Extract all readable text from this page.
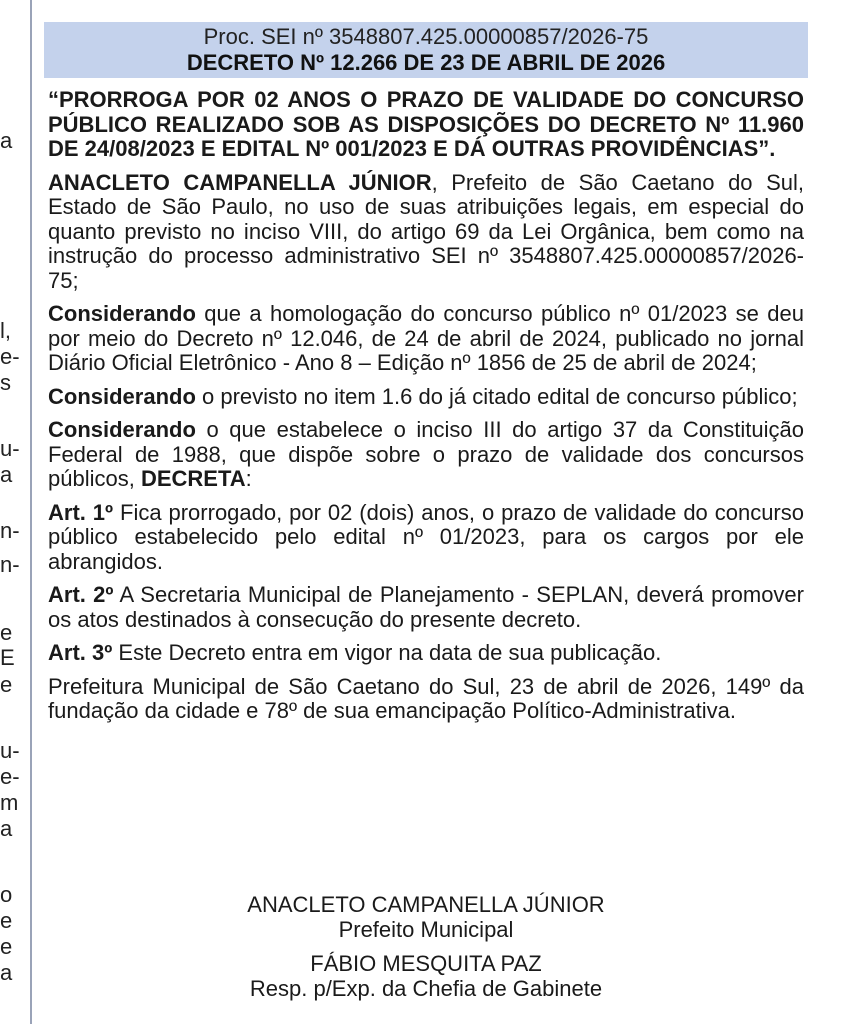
a
l,
e-
s
u-
a
n-
n-
e
E
e
u-
e-
m
a
o
e
e
a
Proc. SEI nº 3548807.425.00000857/2026-75
DECRETO Nº 12.266 DE 23 DE ABRIL DE 2026

“PRORROGA POR 02 ANOS O PRAZO DE VALIDADE DO CONCURSO PÚBLICO REALIZADO SOB AS DISPOSIÇÕES DO DECRETO Nº 11.960 DE 24/08/2023 E EDITAL Nº 001/2023 E DÁ OUTRAS PROVIDÊNCIAS”.

ANACLETO CAMPANELLA JÚNIOR, Prefeito de São Caetano do Sul, Estado de São Paulo, no uso de suas atribuições legais, em especial do quanto previsto no inciso VIII, do artigo 69 da Lei Orgânica, bem como na instrução do processo administrativo SEI nº 3548807.425.00000857/2026-75;

Considerando que a homologação do concurso público nº 01/2023 se deu por meio do Decreto nº 12.046, de 24 de abril de 2024, publicado no jornal Diário Oficial Eletrônico - Ano 8 – Edição nº 1856 de 25 de abril de 2024;

Considerando o previsto no item 1.6 do já citado edital de concurso público;

Considerando o que estabelece o inciso III do artigo 37 da Constituição Federal de 1988, que dispõe sobre o prazo de validade dos concursos públicos, DECRETA:

Art. 1º Fica prorrogado, por 02 (dois) anos, o prazo de validade do concurso público estabelecido pelo edital nº 01/2023, para os cargos por ele abrangidos.

Art. 2º A Secretaria Municipal de Planejamento - SEPLAN, deverá promover os atos destinados à consecução do presente decreto.

Art. 3º Este Decreto entra em vigor na data de sua publicação.

Prefeitura Municipal de São Caetano do Sul, 23 de abril de 2026, 149º da fundação da cidade e 78º de sua emancipação Político-Administrativa.

ANACLETO CAMPANELLA JÚNIOR

Prefeito Municipal

FÁBIO MESQUITA PAZ

Resp. p/Exp. da Chefia de Gabinete
